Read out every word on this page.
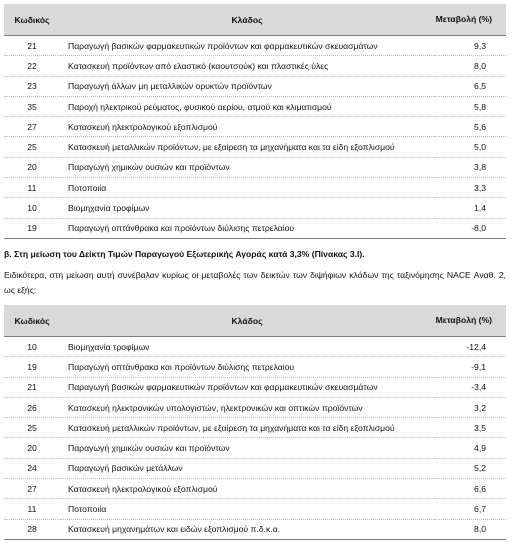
Κωδικός	Κλάδος	Μεταβολή (%)
21	Παραγωγή βασικών φαρμακευτικών προϊόντων και φαρμακευτικών σκευασμάτων	9,3
22	Κατασκευή προϊόντων από ελαστικό (καουτσούκ) και πλαστικές ύλες	8,0
23	Παραγωγή άλλων μη μεταλλικών ορυκτών προϊόντων	6,5
35	Παροχή ηλεκτρικού ρεύματος, φυσικού αερίου, ατμού και κλιματισμού	5,8
27	Κατασκευή ηλεκτρολογικού εξοπλισμού	5,6
25	Κατασκευή μεταλλικών προϊόντων, με εξαίρεση τα μηχανήματα και τα είδη εξοπλισμού	5,0
20	Παραγωγή χημικών ουσιών και προϊόντων	3,8
11	Ποτοποιία	3,3
10	Βιομηχανία τροφίμων	1,4
19	Παραγωγή οπτάνθρακα και προϊόντων διύλισης πετρελαίου	-8,0
β. Στη μείωση του Δείκτη Τιμών Παραγωγού Εξωτερικής Αγοράς κατά 3,3% (Πίνακας 3.Ι).
Ειδικότερα, στη μείωση αυτή συνέβαλαν κυρίως οι μεταβολές των δεικτών των διψήφιων κλάδων της ταξινόμησης NACE Αναθ. 2, ως εξής:
Κωδικός	Κλάδος	Μεταβολή (%)
10	Βιομηχανία τροφίμων	-12,4
19	Παραγωγή οπτάνθρακα και προϊόντων διύλισης πετρελαίου	-9,1
21	Παραγωγή βασικών φαρμακευτικών προϊόντων και φαρμακευτικών σκευασμάτων	-3,4
26	Κατασκευή ηλεκτρονικών υπολογιστών, ηλεκτρονικών και οπτικών προϊόντων	3,2
25	Κατασκευή μεταλλικών προϊόντων, με εξαίρεση τα μηχανήματα και τα είδη εξοπλισμού	3,5
20	Παραγωγή χημικών ουσιών και προϊόντων	4,9
24	Παραγωγή βασικών μετάλλων	5,2
27	Κατασκευή ηλεκτρολογικού εξοπλισμού	6,6
11	Ποτοποιία	6,7
28	Κατασκευή μηχανημάτων και ειδών εξοπλισμού π.δ.κ.α.	8,0
